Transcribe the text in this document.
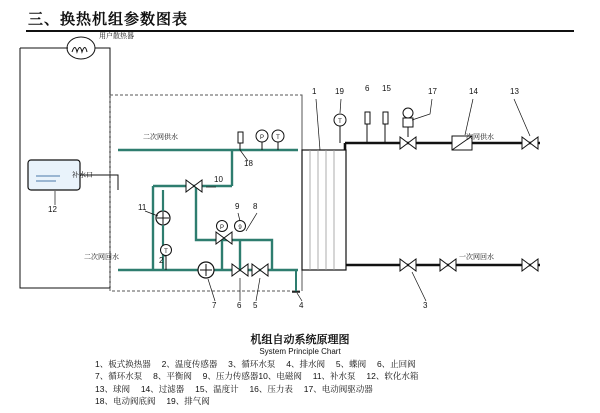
三、换热机组参数图表
T
P T
T
P 9
用户散热器
二次网供水	一次网供水
二次网回水	一次网回水
补水口
1 19	6 15	17	14	13
18
10
11
12	9 8
7	6 5	4	3
2
机组自动系统原理图
System Principle Chart
1、板式换热器　 2、温度传感器　 3、循环水泵　 4、排水阀　 5、蝶阀　 6、止回阀
7、循环水泵　 8、平衡阀　 9、压力传感器10、电磁阀　 11、补水泵　 12、软化水箱
13、球阀　 14、过滤器　 15、温度计　 16、压力表　 17、电动阀驱动器
18、电动阀底阀　 19、排气阀
